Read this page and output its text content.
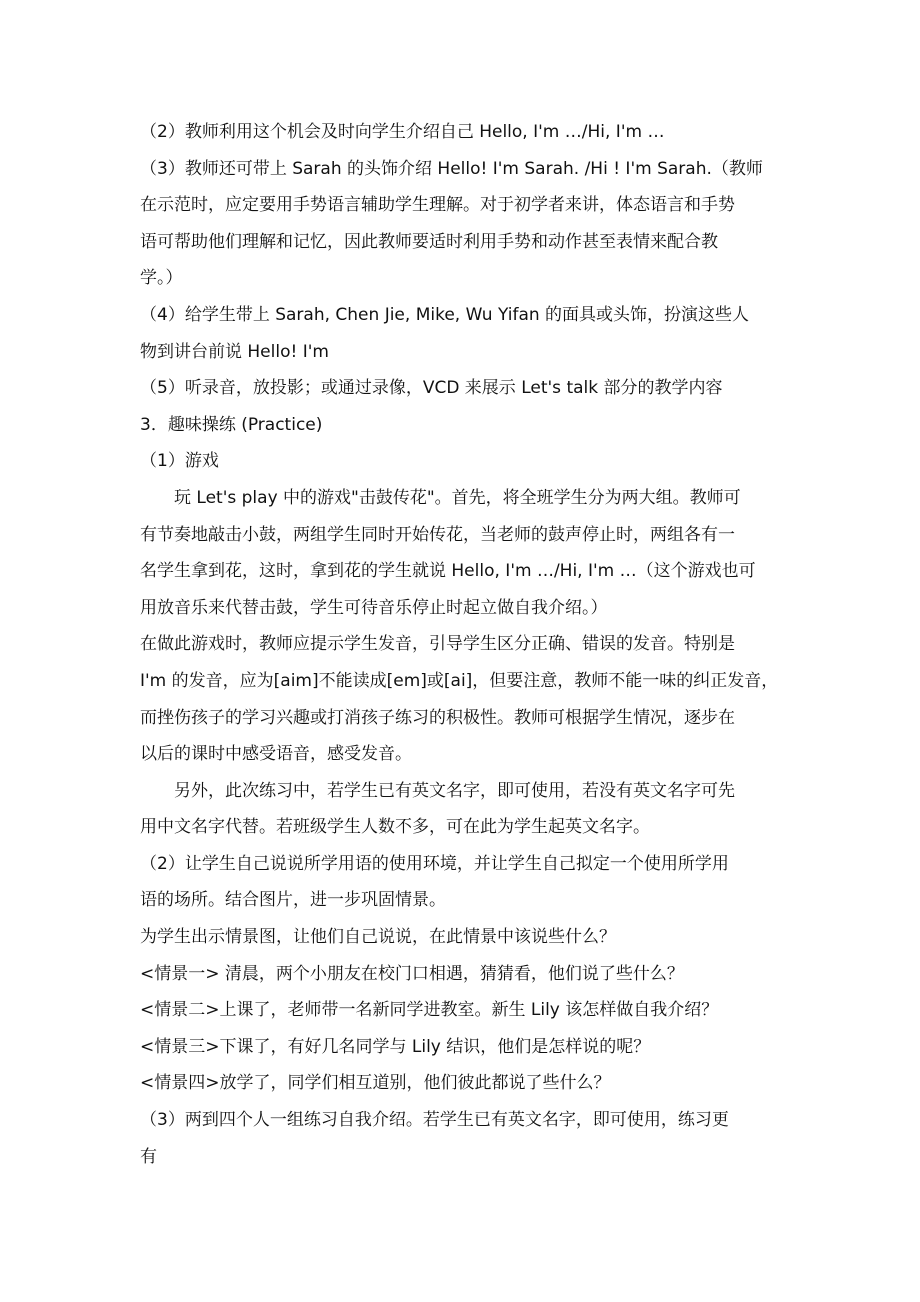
（2）教师利用这个机会及时向学生介绍自己 Hello, I'm …/Hi, I'm …
（3）教师还可带上 Sarah 的头饰介绍 Hello! I'm Sarah. /Hi ! I'm Sarah.（教师
在示范时，应定要用手势语言辅助学生理解。对于初学者来讲，体态语言和手势
语可帮助他们理解和记忆，因此教师要适时利用手势和动作甚至表情来配合教
学。）
（4）给学生带上 Sarah, Chen Jie, Mike, Wu Yifan 的面具或头饰，扮演这些人
物到讲台前说 Hello! I'm
（5）听录音，放投影；或通过录像，VCD 来展示 Let's talk 部分的教学内容
3．趣味操练 (Practice)
（1）游戏
玩 Let's play 中的游戏"击鼓传花"。首先，将全班学生分为两大组。教师可
有节奏地敲击小鼓，两组学生同时开始传花，当老师的鼓声停止时，两组各有一
名学生拿到花，这时，拿到花的学生就说 Hello, I'm …/Hi, I'm …（这个游戏也可
用放音乐来代替击鼓，学生可待音乐停止时起立做自我介绍。）
在做此游戏时，教师应提示学生发音，引导学生区分正确、错误的发音。特别是
I'm 的发音，应为[aim]不能读成[em]或[ai]，但要注意，教师不能一味的纠正发音，
而挫伤孩子的学习兴趣或打消孩子练习的积极性。教师可根据学生情况，逐步在
以后的课时中感受语音，感受发音。
另外，此次练习中，若学生已有英文名字，即可使用，若没有英文名字可先
用中文名字代替。若班级学生人数不多，可在此为学生起英文名字。
（2）让学生自己说说所学用语的使用环境，并让学生自己拟定一个使用所学用
语的场所。结合图片，进一步巩固情景。
为学生出示情景图，让他们自己说说，在此情景中该说些什么？
<情景一> 清晨，两个小朋友在校门口相遇，猜猜看，他们说了些什么？
<情景二>上课了，老师带一名新同学进教室。新生 Lily 该怎样做自我介绍？
<情景三>下课了，有好几名同学与 Lily 结识，他们是怎样说的呢？
<情景四>放学了，同学们相互道别，他们彼此都说了些什么？
（3）两到四个人一组练习自我介绍。若学生已有英文名字，即可使用，练习更
有
